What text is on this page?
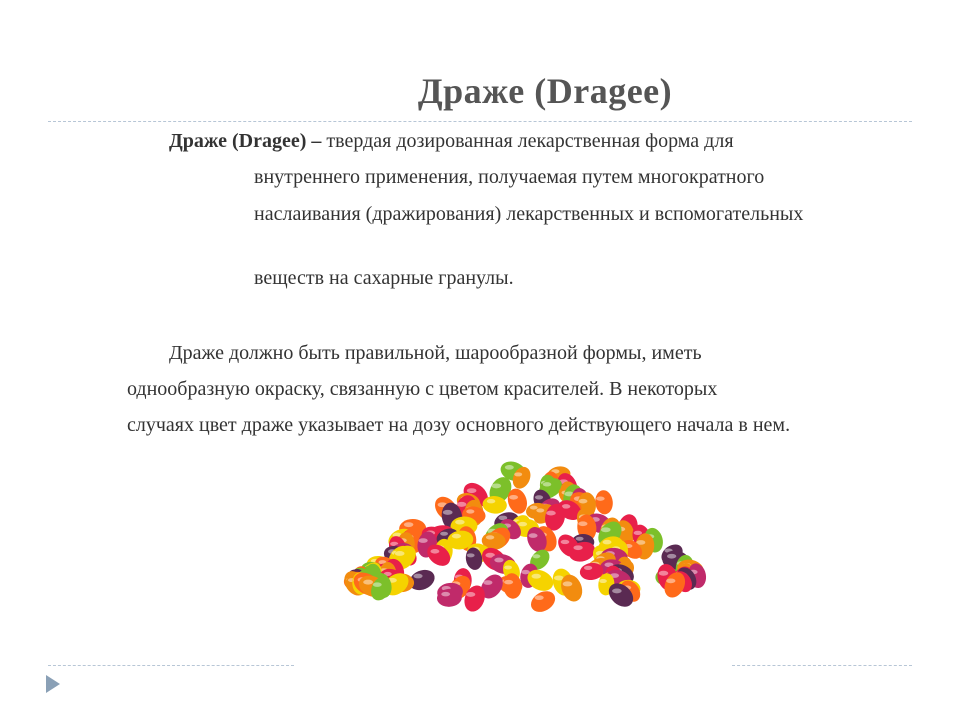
Драже (Dragee)
Драже (Dragee) – твердая дозированная лекарственная форма для
внутреннего применения, получаемая путем многократного
наслаивания (дражирования) лекарственных и вспомогательных
веществ на сахарные гранулы.
Драже должно быть правильной, шарообразной формы, иметь
однообразную окраску, связанную с цветом красителей. В некоторых
случаях цвет драже указывает на дозу основного действующего начала в нем.
